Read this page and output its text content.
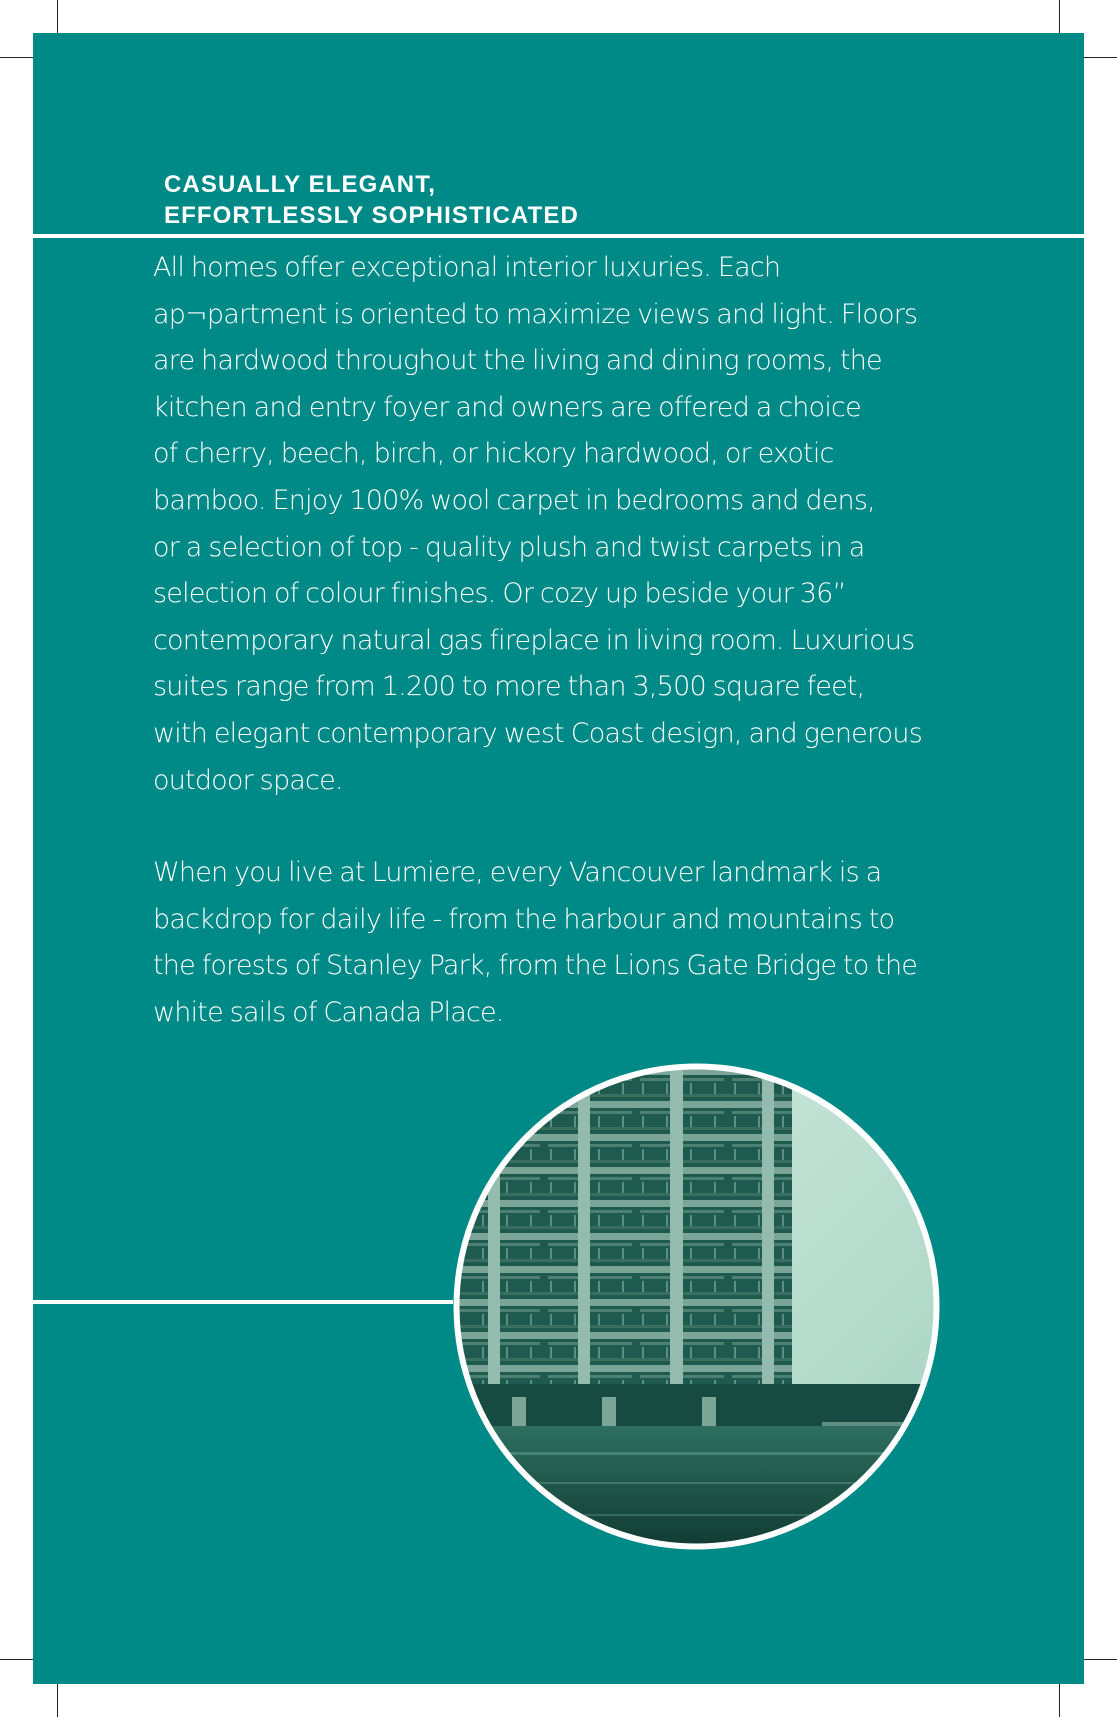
CASUALLY ELEGANT,
EFFORTLESSLY SOPHISTICATED
All homes offer exceptional interior luxuries. Each
ap¬partment is oriented to maximize views and light. Floors
are hardwood throughout the living and dining rooms, the
kitchen and entry foyer and owners are offered a choice
of cherry, beech, birch, or hickory hardwood, or exotic
bamboo. Enjoy 100% wool carpet in bedrooms and dens,
or a selection of top - quality plush and twist carpets in a
selection of colour finishes. Or cozy up beside your 36”
contemporary natural gas fireplace in living room. Luxurious
suites range from 1.200 to more than 3,500 square feet,
with elegant contemporary west Coast design, and generous
outdoor space.
When you live at Lumiere, every Vancouver landmark is a
backdrop for daily life - from the harbour and mountains to
the forests of Stanley Park, from the Lions Gate Bridge to the
white sails of Canada Place.
